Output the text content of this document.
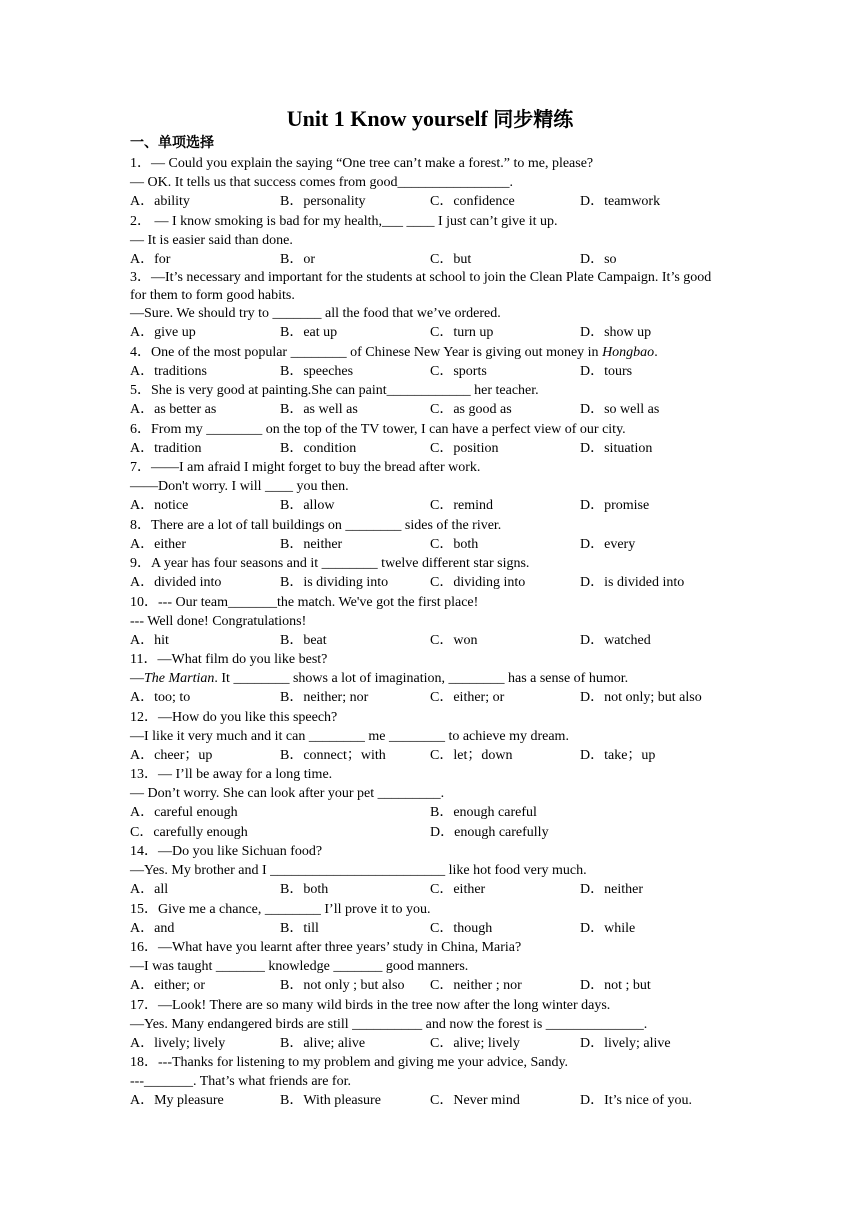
Unit 1 Know yourself 同步精练
一、单项选择
1．— Could you explain the saying “One tree can’t make a forest.” to me, please?
— OK. It tells us that success comes from good________________.
A．ability	B．personality	C．confidence	D．teamwork
2． — I know smoking is bad for my health,___ ____ I just can’t give it up.
— It is easier said than done.
A．for	B．or	C．but	D．so
3．—It’s necessary and important for the students at school to join the Clean Plate Campaign. It’s good for them to form good habits.
—Sure. We should try to _______ all the food that we’ve ordered.
A．give up	B．eat up	C．turn up	D．show up
4．One of the most popular ________ of Chinese New Year is giving out money in Hongbao.
A．traditions	B．speeches	C．sports	D．tours
5．She is very good at painting.She can paint____________ her teacher.
A．as better as	B．as well as	C．as good as	D．so well as
6．From my ________ on the top of the TV tower, I can have a perfect view of our city.
A．tradition	B．condition	C．position	D．situation
7．——I am afraid I might forget to buy the bread after work.
——Don't worry. I will ____ you then.
A．notice	B．allow	C．remind	D．promise
8．There are a lot of tall buildings on ________ sides of the river.
A．either	B．neither	C．both	D．every
9．A year has four seasons and it ________ twelve different star signs.
A．divided into	B．is dividing into	C．dividing into	D．is divided into
10．--- Our team_______the match. We've got the first place!
--- Well done! Congratulations!
A．hit	B．beat	C．won	D．watched
11．—What film do you like best?
—The Martian. It ________ shows a lot of imagination, ________ has a sense of humor.
A．too; to	B．neither; nor	C．either; or	D．not only; but also
12．—How do you like this speech?
—I like it very much and it can ________ me ________ to achieve my dream.
A．cheer；up	B．connect；with	C．let；down	D．take；up
13．— I’ll be away for a long time.
— Don’t worry. She can look after your pet _________.
A．careful enough	B．enough careful
C．carefully enough	D．enough carefully
14．—Do you like Sichuan food?
—Yes. My brother and I _________________________ like hot food very much.
A．all	B．both	C．either	D．neither
15．Give me a chance, ________ I’ll prove it to you.
A．and	B．till	C．though	D．while
16．—What have you learnt after three years’ study in China, Maria?
—I was taught _______ knowledge _______ good manners.
A．either; or	B．not only ; but also C．neither ; nor	D．not ; but
17．—Look! There are so many wild birds in the tree now after the long winter days.
—Yes. Many endangered birds are still __________ and now the forest is ______________.
A．lively; lively	B．alive; alive	C．alive; lively	D．lively; alive
18．---Thanks for listening to my problem and giving me your advice, Sandy.
---_______. That’s what friends are for.
A．My pleasure	B．With pleasure	C．Never mind	D．It’s nice of you.
